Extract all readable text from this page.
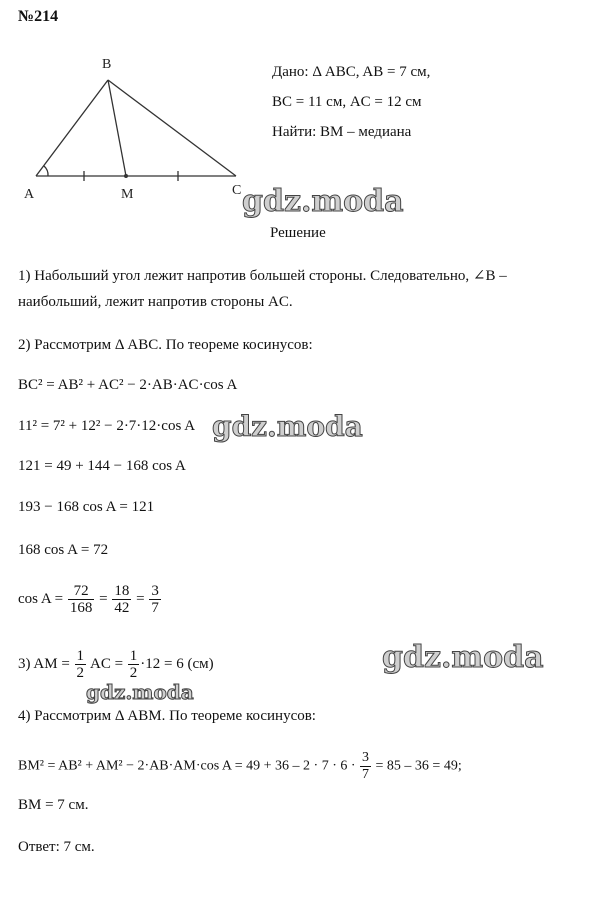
№214
A
B
M	C
Дано: Δ ABC, AB = 7 см,
BC = 11 см, AC = 12 см
Найти: BM – медиана
Решение
1) Набольший угол лежит напротив большей стороны. Следовательно, ∠B –
наибольший, лежит напротив стороны AC.
2) Рассмотрим Δ ABC. По теореме косинусов:
BC² = AB² + AC² − 2·AB·AC·cos A
11² = 7² + 12² − 2·7·12·cos A
121 = 49 + 144 − 168 cos A
193 − 168 cos A = 121
168 cos A = 72
$\cos A = \frac{72}{168} = \frac{18}{42} = \frac{3}{7}$
3) AM = $\frac{1}{2}$ AC = $\frac{1}{2} \cdot 12 = 6$ (см)
4) Рассмотрим Δ ABM. По теореме косинусов:
BM² = AB² + AM² − 2·AB·AM·cos $A = 49 + 36 - 2 \cdot 7 \cdot 6 \cdot \frac{3}{7} = 85 - 36 = 49$;
BM = 7 см.
Ответ: 7 см.
gdz.moda
gdz.moda
gdz.moda
gdz.moda
